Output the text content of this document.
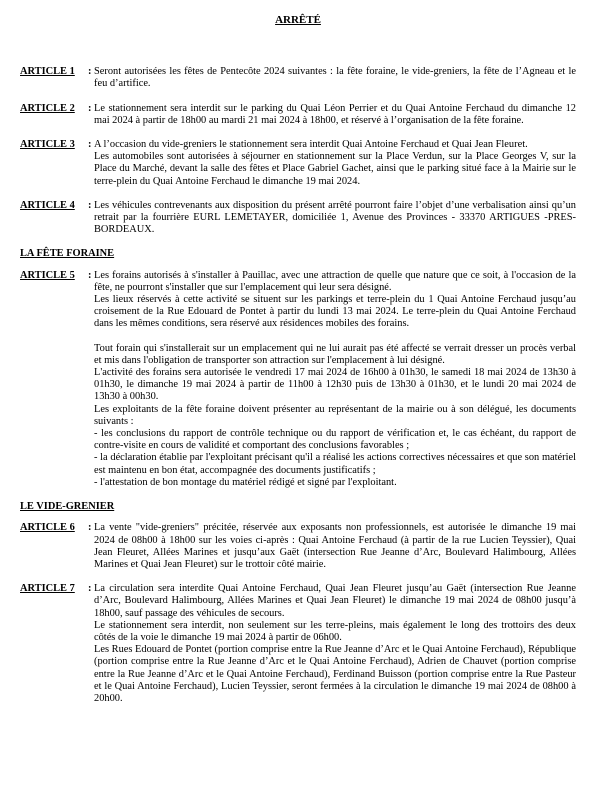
ARRÊTÉ
ARTICLE 1	: Seront autorisées les fêtes de Pentecôte 2024 suivantes : la fête foraine, le vide-greniers, la fête de l’Agneau et le feu d’artifice.

ARTICLE 2	: Le stationnement sera interdit sur le parking du Quai Léon Perrier et du Quai Antoine Ferchaud du dimanche 12 mai 2024 à partir de 18h00 au mardi 21 mai 2024 à 18h00, et réservé à l’organisation de la fête foraine.

ARTICLE 3	: A l’occasion du vide-greniers le stationnement sera interdit Quai Antoine Ferchaud et Quai Jean Fleuret.

Les automobiles sont autorisées à séjourner en stationnement sur la Place Verdun, sur la Place Georges V, sur la Place du Marché, devant la salle des fêtes et Place Gabriel Gachet, ainsi que le parking situé face à la Mairie sur le terre-plein du Quai Antoine Ferchaud le dimanche 19 mai 2024.

ARTICLE 4	: Les véhicules contrevenants aux disposition du présent arrêté pourront faire l’objet d’une verbalisation ainsi qu’un retrait par la fourrière EURL LEMETAYER, domiciliée 1, Avenue des Provinces - 33370 ARTIGUES -PRES-BORDEAUX.

LA FÊTE FORAINE
ARTICLE 5	: Les forains autorisés à s'installer à Pauillac, avec une attraction de quelle que nature que ce soit, à l'occasion de la fête, ne pourront s'installer que sur l'emplacement qui leur sera désigné.

Les lieux réservés à cette activité se situent sur les parkings et terre-plein du 1 Quai Antoine Ferchaud jusqu’au croisement de la Rue Edouard de Pontet à partir du lundi 13 mai 2024. Le terre-plein du Quai Antoine Ferchaud dans les mêmes conditions, sera réservé aux résidences mobiles des forains.

Tout forain qui s'installerait sur un emplacement qui ne lui aurait pas été affecté se verrait dresser un procès verbal et mis dans l'obligation de transporter son attraction sur l'emplacement à lui désigné.

L'activité des forains sera autorisée le vendredi 17 mai 2024 de 16h00 à 01h30, le samedi 18 mai 2024 de 13h30 à 01h30, le dimanche 19 mai 2024 à partir de 11h00 à 12h30 puis de 13h30 à 01h30, et le lundi 20 mai 2024 de 13h30 à 00h30.

Les exploitants de la fête foraine doivent présenter au représentant de la mairie ou à son délégué, les documents suivants :

- les conclusions du rapport de contrôle technique ou du rapport de vérification et, le cas échéant, du rapport de contre-visite en cours de validité et comportant des conclusions favorables ;

- la déclaration établie par l'exploitant précisant qu'il a réalisé les actions correctives nécessaires et que son matériel est maintenu en bon état, accompagnée des documents justificatifs ;

- l'attestation de bon montage du matériel rédigé et signé par l'exploitant.

LE VIDE-GRENIER
ARTICLE 6	: La vente "vide-greniers" précitée, réservée aux exposants non professionnels, est autorisée le dimanche 19 mai 2024 de 08h00 à 18h00 sur les voies ci-après : Quai Antoine Ferchaud (à partir de la rue Lucien Teyssier), Quai Jean Fleuret, Allées Marines et jusqu’aux Gaët (intersection Rue Jeanne d’Arc, Boulevard Halimbourg, Allées Marines et Quai Jean Fleuret) sur le trottoir côté mairie.

ARTICLE 7	: La circulation sera interdite Quai Antoine Ferchaud, Quai Jean Fleuret jusqu’au Gaët (intersection Rue Jeanne d’Arc, Boulevard Halimbourg, Allées Marines et Quai Jean Fleuret) le dimanche 19 mai 2024 de 08h00 jusqu’à 18h00, sauf passage des véhicules de secours.

Le stationnement sera interdit, non seulement sur les terre-pleins, mais également le long des trottoirs des deux côtés de la voie le dimanche 19 mai 2024 à partir de 06h00.

Les Rues Edouard de Pontet (portion comprise entre la Rue Jeanne d’Arc et le Quai Antoine Ferchaud), République (portion comprise entre la Rue Jeanne d’Arc et le Quai Antoine Ferchaud), Adrien de Chauvet (portion comprise entre la Rue Jeanne d’Arc et le Quai Antoine Ferchaud), Ferdinand Buisson (portion comprise entre la Rue Pasteur et le Quai Antoine Ferchaud), Lucien Teyssier, seront fermées à la circulation le dimanche 19 mai 2024 de 08h00 à 20h00.
